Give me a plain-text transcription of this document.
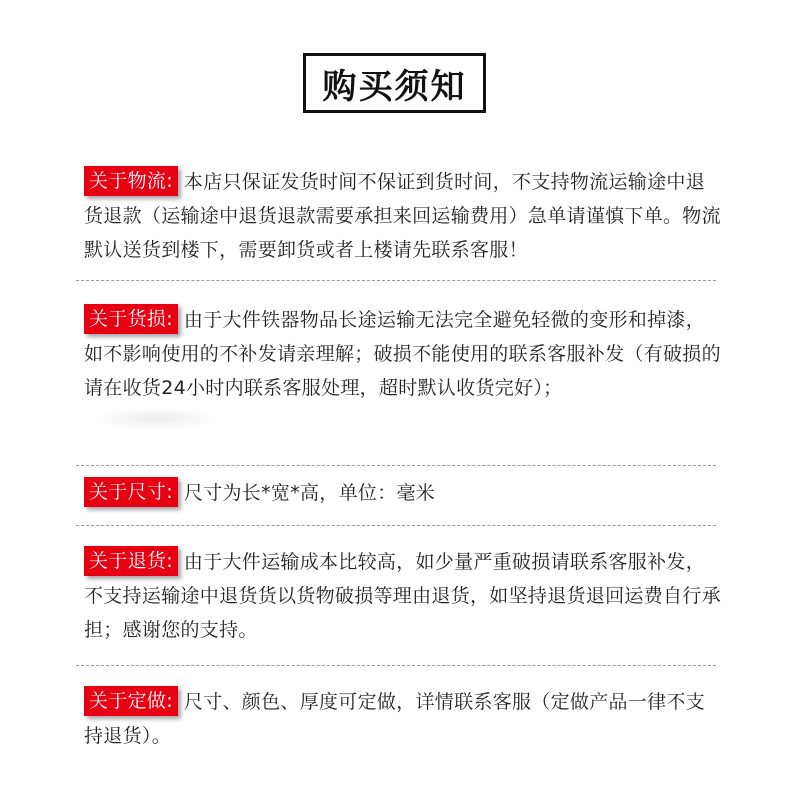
购买须知

关于物流: 本店只保证发货时间不保证到货时间，不支持物流运输途中退货退款（运输途中退货退款需要承担来回运输费用）急单请谨慎下单。物流默认送货到楼下，需要卸货或者上楼请先联系客服！

关于货损: 由于大件铁器物品长途运输无法完全避免轻微的变形和掉漆，如不影响使用的不补发请亲理解；破损不能使用的联系客服补发（有破损的请在收货24小时内联系客服处理，超时默认收货完好）；

关于尺寸: 尺寸为长*宽*高，单位：毫米

关于退货: 由于大件运输成本比较高，如少量严重破损请联系客服补发，不支持运输途中退货货以货物破损等理由退货，如坚持退货退回运费自行承担；感谢您的支持。

关于定做: 尺寸、颜色、厚度可定做，详情联系客服（定做产品一律不支持退货）。
